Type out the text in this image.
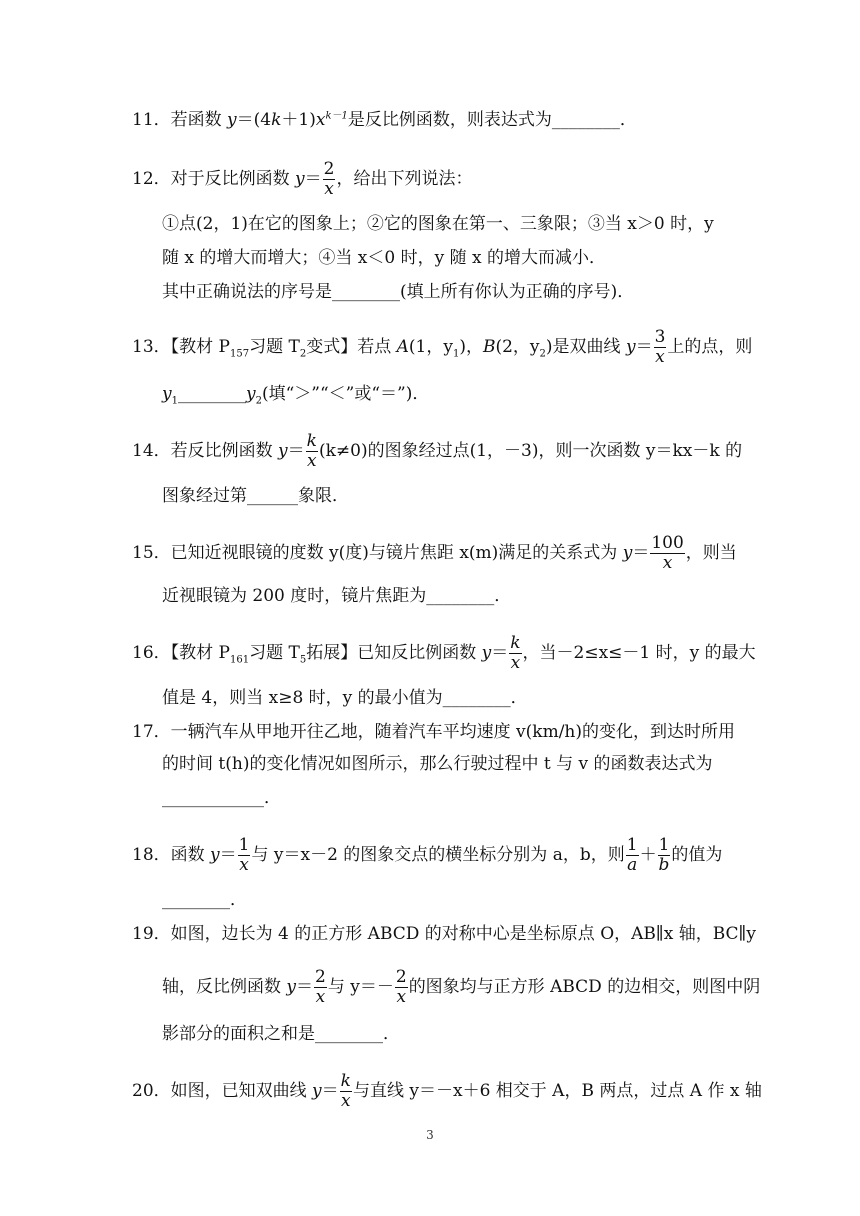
11．若函数 $y=(4k+1)x^{k-1}$是反比例函数，则表达式为________．
12．对于反比例函数 $y= \frac{2}{x}$ ，给出下列说法：
①点(2，1)在它的图象上；②它的图象在第一、三象限；③当 x＞0 时，y
随 x 的增大而增大；④当 x＜0 时，y 随 x 的增大而减小．
其中正确说法的序号是________(填上所有你认为正确的序号)．
13．【教材 $P_{157}$习题 $T_2$变式】若点 A(1，$y_1$)，B(2，$y_2$)是双曲线 $y= \frac{3}{x}$ 上的点，则
$y_1\_\_\_\_\_\_\_\_y_2$(填“＞”“＜”或“＝”)．
14．若反比例函数 $y= \frac{k}{x} (k\ne 0)$的图象经过点(1，－3)，则一次函数 y＝kx－k 的
图象经过第______象限．
15．已知近视眼镜的度数 y(度)与镜片焦距 x(m)满足的关系式为 $y= \frac{100}{x}$ ，则当
近视眼镜为 200 度时，镜片焦距为________．
16．【教材 $P_{161}$习题 $T_5$拓展】已知反比例函数 $y= \frac{k}{x}$ ，当－2≤x≤－1 时，y 的最大
值是 4，则当 x≥8 时，y 的最小值为________．
17．一辆汽车从甲地开往乙地，随着汽车平均速度 v(km/h)的变化，到达时所用
的时间 t(h)的变化情况如图所示，那么行驶过程中 t 与 v 的函数表达式为
____________．
18．函数 $y= \frac{1}{x}$ 与 y＝x－2 的图象交点的横坐标分别为 a，b，则 $\frac{1}{a} + \frac{1}{b}$ 的值为
________．
19．如图，边长为 4 的正方形 ABCD 的对称中心是坐标原点 O，AB∥x 轴，BC∥y
轴，反比例函数 $y= \frac{2}{x}$ 与 $y=- \frac{2}{x}$ 的图象均与正方形 ABCD 的边相交，则图中阴
影部分的面积之和是________．
20．如图，已知双曲线 $y= \frac{k}{x}$ 与直线 y＝－x＋6 相交于 A，B 两点，过点 A 作 x 轴
3
